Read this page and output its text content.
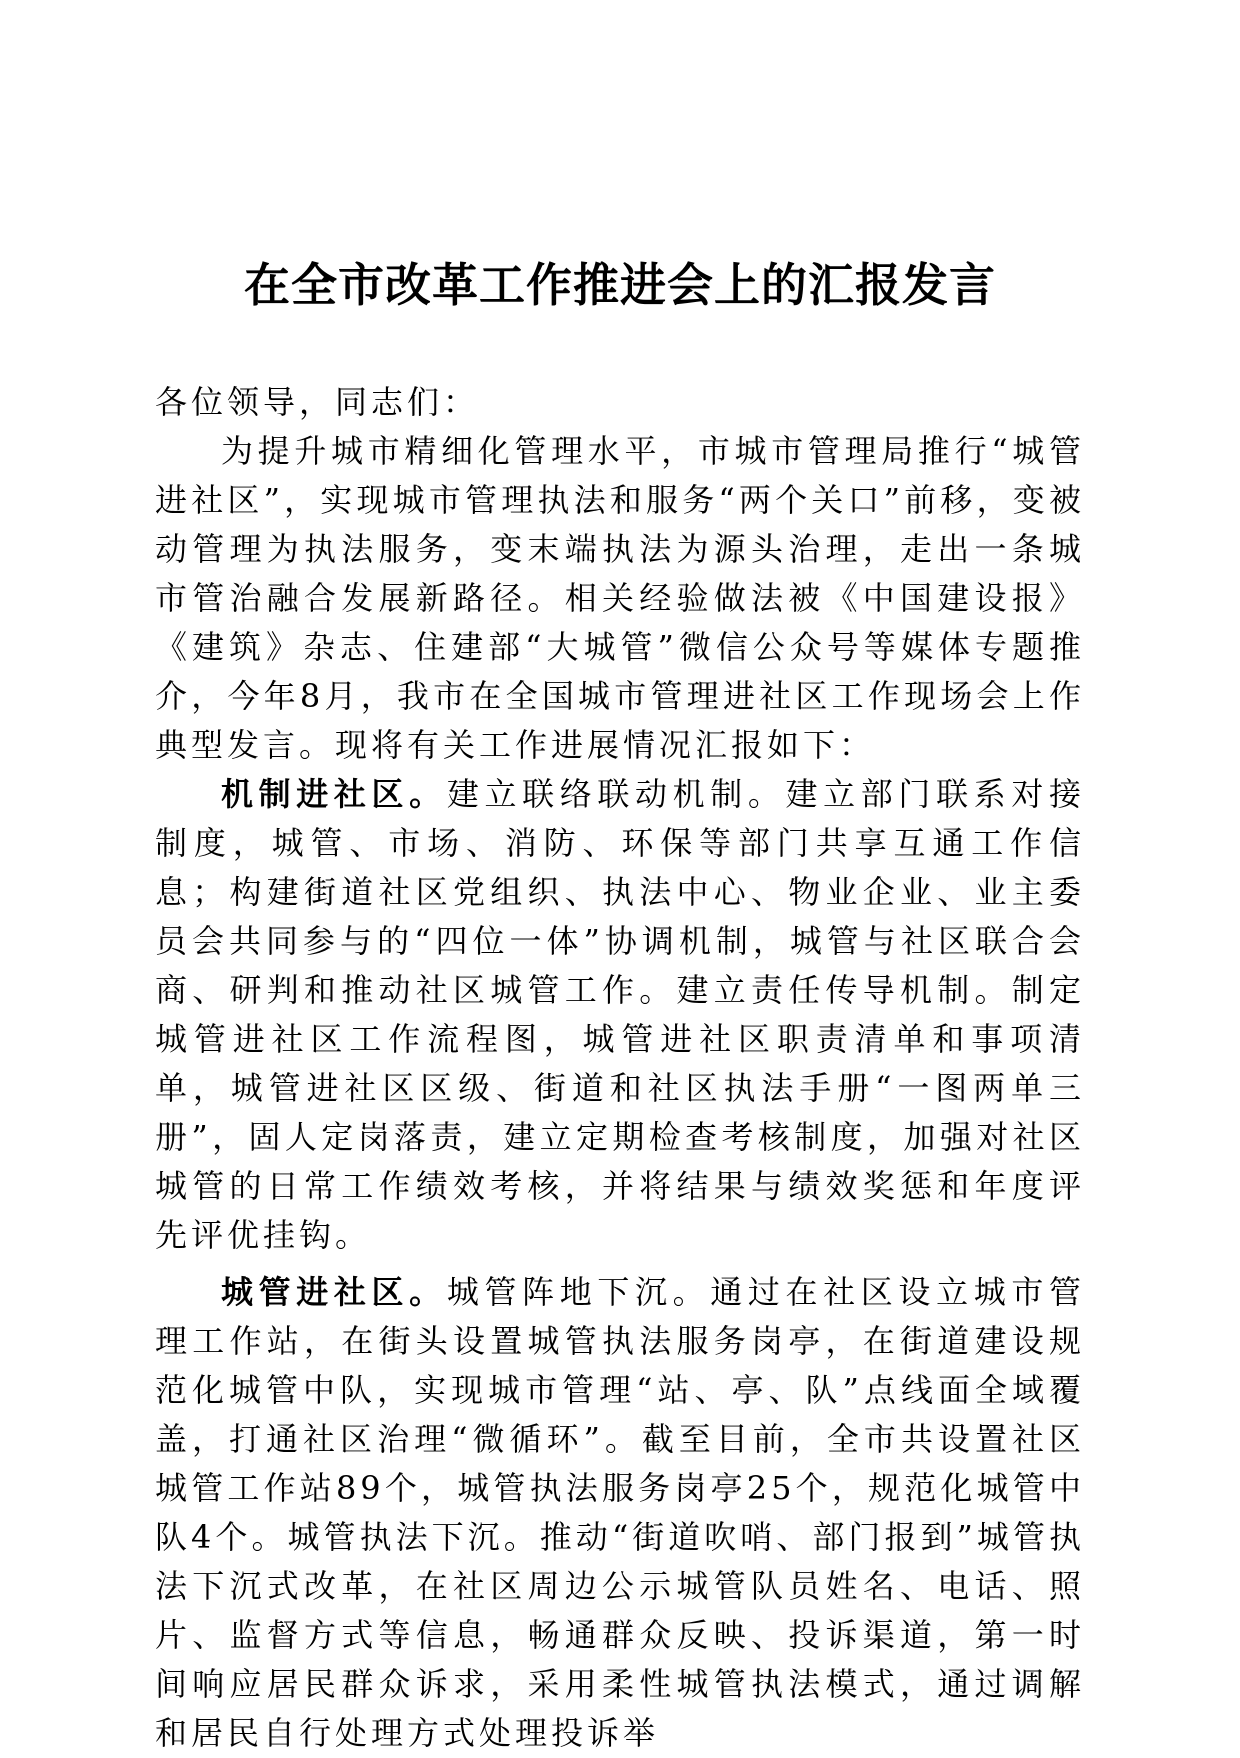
在全市改革工作推进会上的汇报发言

各位领导，同志们：

为提升城市精细化管理水平，市城市管理局推行“城管进社区”，实现城市管理执法和服务“两个关口”前移，变被动管理为执法服务，变末端执法为源头治理，走出一条城市管治融合发展新路径。相关经验做法被《中国建设报》《建筑》杂志、住建部“大城管”微信公众号等媒体专题推介，今年8月，我市在全国城市管理进社区工作现场会上作典型发言。现将有关工作进展情况汇报如下：

机制进社区。建立联络联动机制。建立部门联系对接制度，城管、市场、消防、环保等部门共享互通工作信息；构建街道社区党组织、执法中心、物业企业、业主委员会共同参与的“四位一体”协调机制，城管与社区联合会商、研判和推动社区城管工作。建立责任传导机制。制定城管进社区工作流程图，城管进社区职责清单和事项清单，城管进社区区级、街道和社区执法手册“一图两单三册”，固人定岗落责，建立定期检查考核制度，加强对社区城管的日常工作绩效考核，并将结果与绩效奖惩和年度评先评优挂钩。

城管进社区。城管阵地下沉。通过在社区设立城市管理工作站，在街头设置城管执法服务岗亭，在街道建设规范化城管中队，实现城市管理“站、亭、队”点线面全域覆盖，打通社区治理“微循环”。截至目前，全市共设置社区城管工作站89个，城管执法服务岗亭25个，规范化城管中队4个。城管执法下沉。推动“街道吹哨、部门报到”城管执法下沉式改革，在社区周边公示城管队员姓名、电话、照片、监督方式等信息，畅通群众反映、投诉渠道，第一时间响应居民群众诉求，采用柔性城管执法模式，通过调解和居民自行处理方式处理投诉举
